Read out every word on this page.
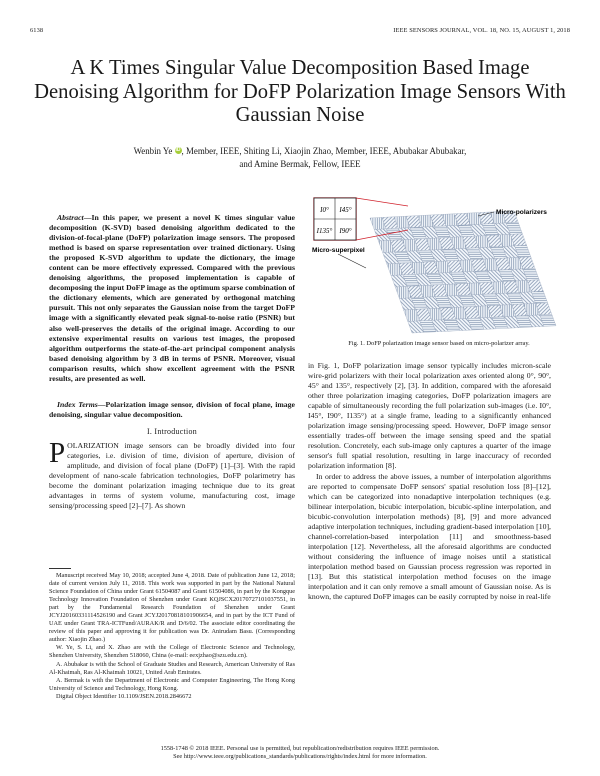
6138	IEEE SENSORS JOURNAL, VOL. 18, NO. 15, AUGUST 1, 2018
A K Times Singular Value Decomposition Based Image Denoising Algorithm for DoFP Polarization Image Sensors With Gaussian Noise
Wenbin Ye iD, Member, IEEE, Shiting Li, Xiaojin Zhao, Member, IEEE, Abubakar Abubakar,
and Amine Bermak, Fellow, IEEE

Abstract—In this paper, we present a novel K times singular value decomposition (K-SVD) based denoising algorithm dedicated to the division-of-focal-plane (DoFP) polarization image sensors. The proposed method is based on sparse representation over trained dictionary. Using the proposed K-SVD algorithm to update the dictionary, the image content can be more effectively expressed. Compared with the previous denoising algorithms, the proposed implementation is capable of decomposing the input DoFP image as the optimum sparse combination of the dictionary elements, which are generated by orthogonal matching pursuit. This not only separates the Gaussian noise from the target DoFP image with a significantly elevated peak signal-to-noise ratio (PSNR) but also well-preserves the details of the original image. According to our extensive experimental results on various test images, the proposed algorithm outperforms the state-of-the-art principal component analysis based denoising algorithm by 3 dB in terms of PSNR. Moreover, visual comparison results, which show excellent agreement with the PSNR results, are presented as well.

Index Terms—Polarization image sensor, division of focal plane, image denoising, singular value decomposition.

I. Introduction

POLARIZATION image sensors can be broadly divided into four categories, i.e. division of time, division of aperture, division of amplitude, and division of focal plane (DoFP) [1]–[3]. With the rapid development of nano-scale fabrication technologies, DoFP polarimetry has become the dominant polarization imaging technique due to its great advantages in terms of system volume, manufacturing cost, image sensing/processing speed [2]–[7]. As shown

Manuscript received May 10, 2018; accepted June 4, 2018. Date of publication June 12, 2018; date of current version July 11, 2018. This work was supported in part by the National Natural Science Foundation of China under Grant 61504087 and Grant 61504086, in part by the Kongque Technology Innovation Foundation of Shenzhen under Grant KQJSCX20170727101037551, in part by the Fundamental Research Foundation of Shenzhen under Grant JCYJ20160331114526190 and Grant JCYJ20170818101906654, and in part by the ICT Fund of UAE under Grant TRA-ICTFund/AURAK/R and D/6/02. The associate editor coordinating the review of this paper and approving it for publication was Dr. Anirudam Basu. (Corresponding author: Xiaojin Zhao.)

W. Ye, S. Li, and X. Zhao are with the College of Electronic Science and Technology, Shenzhen University, Shenzhen 518060, China (e-mail: eexjzhao@szu.edu.cn).

A. Abubakar is with the School of Graduate Studies and Research, American University of Ras Al-Khaimah, Ras Al-Khaimah 10021, United Arab Emirates.

A. Bermak is with the Department of Electronic and Computer Engineering, The Hong Kong University of Science and Technology, Hong Kong.

Digital Object Identifier 10.1109/JSEN.2018.2846672

I0° I45°
I135° I90°
Micro-superpixel
Micro-polarizers
Fig. 1. DoFP polarization image sensor based on micro-polarizer array.

in Fig. 1, DoFP polarization image sensor typically includes micron-scale wire-grid polarizers with their local polarization axes oriented along 0°, 90°, 45° and 135°, respectively [2], [3]. In addition, compared with the aforesaid other three polarization imaging categories, DoFP polarization imagers are capable of simultaneously recording the full polarization sub-images (i.e. I0°, I45°, I90°, I135°) at a single frame, leading to a significantly enhanced polarization image sensing/processing speed. However, DoFP image sensor essentially trades-off between the image sensing speed and the spatial resolution. Concretely, each sub-image only captures a quarter of the image sensor's full spatial resolution, resulting in large inaccuracy of recorded polarization information [8].

In order to address the above issues, a number of interpolation algorithms are reported to compensate DoFP sensors' spatial resolution loss [8]–[12], which can be categorized into nonadaptive interpolation techniques (e.g. bilinear interpolation, bicubic interpolation, bicubic-spline interpolation, and bicubic-convolution interpolation methods) [8], [9] and more advanced adaptive interpolation techniques, including gradient-based interpolation [10], channel-correlation-based interpolation [11] and smoothness-based interpolation [12]. Nevertheless, all the aforesaid algorithms are conducted without considering the influence of image noises until a statistical interpolation method based on Gaussian process regression was reported in [13]. But this statistical interpolation method focuses on the image interpolation and it can only remove a small amount of Gaussian noise. As is known, the captured DoFP images can be easily corrupted by noise in real-life

1558-1748 © 2018 IEEE. Personal use is permitted, but republication/redistribution requires IEEE permission.
See http://www.ieee.org/publications_standards/publications/rights/index.html for more information.
